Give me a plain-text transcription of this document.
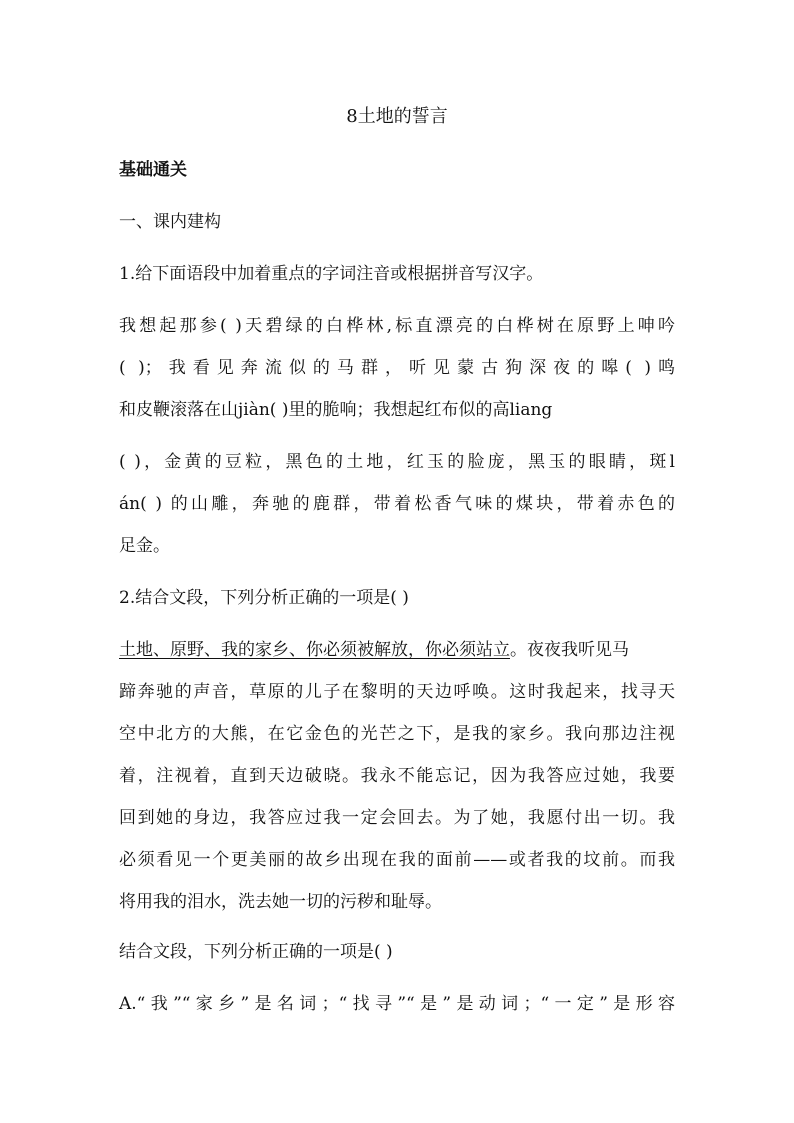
8土地的誓言
基础通关
一、课内建构
1.给下面语段中加着重点的字词注音或根据拼音写汉字。
我想起那参( )天碧绿的白桦林,标直漂亮的白桦树在原野上呻吟
( )；我看见奔流似的马群，听见蒙古狗深夜的嗥( )鸣
和皮鞭滚落在山jiàn( )里的脆响；我想起红布似的高liang
( )，金黄的豆粒，黑色的土地，红玉的脸庞，黑玉的眼睛，斑l
án( ) 的山雕，奔驰的鹿群，带着松香气味的煤块，带着赤色的
足金。
2.结合文段，下列分析正确的一项是( )
土地、原野、我的家乡、你必须被解放，你必须站立。夜夜我听见马
蹄奔驰的声音，草原的儿子在黎明的天边呼唤。这时我起来，找寻天
空中北方的大熊，在它金色的光芒之下，是我的家乡。我向那边注视
着，注视着，直到天边破晓。我永不能忘记，因为我答应过她，我要
回到她的身边，我答应过我一定会回去。为了她，我愿付出一切。我
必须看见一个更美丽的故乡出现在我的面前——或者我的坟前。而我
将用我的泪水，洗去她一切的污秽和耻辱。
结合文段，下列分析正确的一项是( )
A.“我”“家乡”是名词；“找寻”“是”是动词；“一定”是形容
